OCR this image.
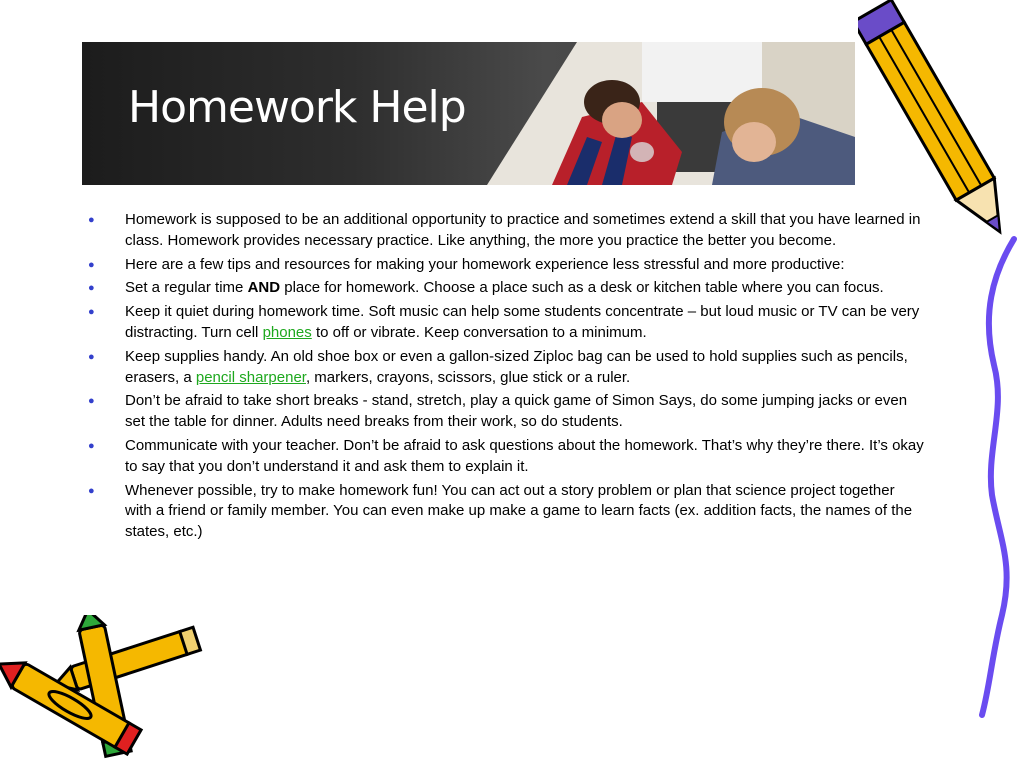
Homework Help
● Homework is supposed to be an additional opportunity to practice and sometimes extend a skill that you have learned in class. Homework provides necessary practice. Like anything, the more you practice the better you become.
● Here are a few tips and resources for making your homework experience less stressful and more productive:
● Set a regular time AND place for homework. Choose a place such as a desk or kitchen table where you can focus.
● Keep it quiet during homework time. Soft music can help some students concentrate – but loud music or TV can be very distracting. Turn cell phones to off or vibrate. Keep conversation to a minimum.
● Keep supplies handy. An old shoe box or even a gallon-sized Ziploc bag can be used to hold supplies such as pencils, erasers, a pencil sharpener, markers, crayons, scissors, glue stick or a ruler.
● Don’t be afraid to take short breaks - stand, stretch, play a quick game of Simon Says, do some jumping jacks or even set the table for dinner. Adults need breaks from their work, so do students.
● Communicate with your teacher. Don’t be afraid to ask questions about the homework. That’s why they’re there. It’s okay to say that you don’t understand it and ask them to explain it.
● Whenever possible, try to make homework fun! You can act out a story problem or plan that science project together with a friend or family member. You can even make up make a game to learn facts (ex. addition facts, the names of the states, etc.)
